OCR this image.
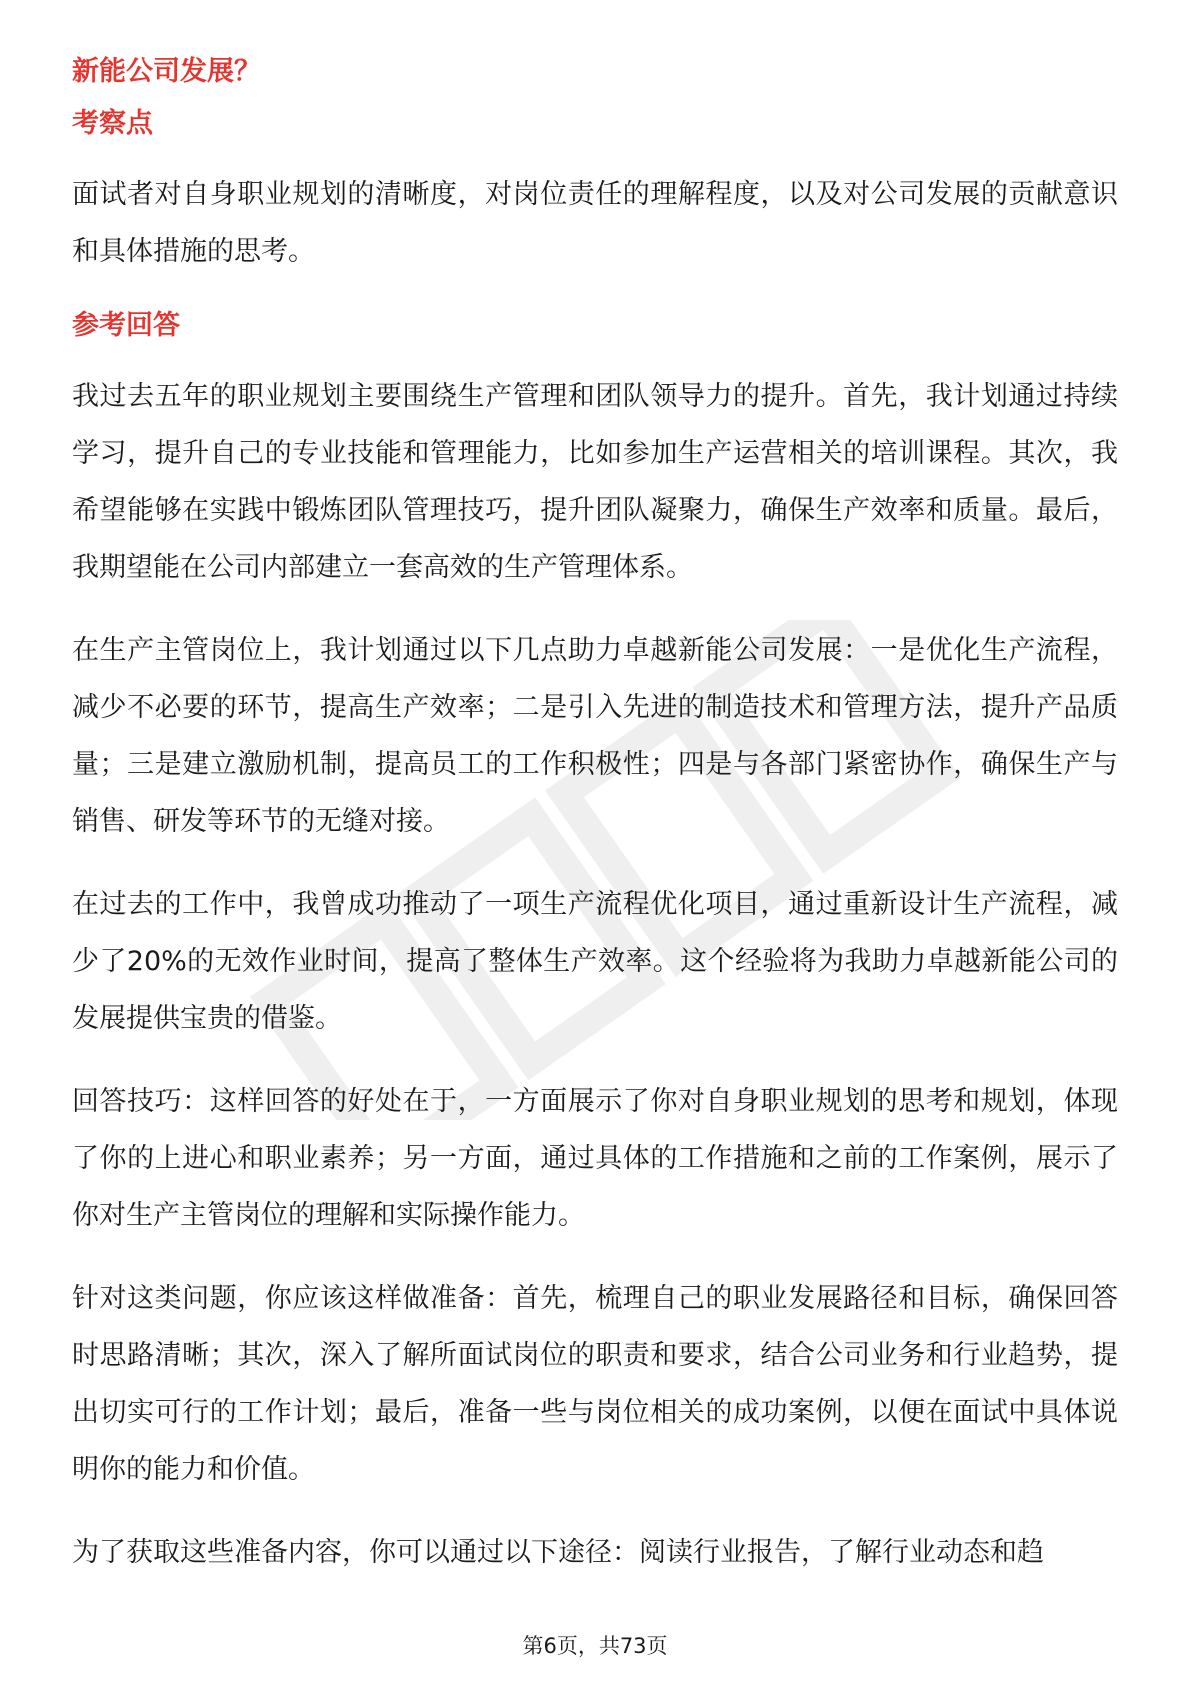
新能公司发展？
考察点

面试者对自身职业规划的清晰度，对岗位责任的理解程度，以及对公司发展的贡献意识和具体措施的思考。

参考回答

我过去五年的职业规划主要围绕生产管理和团队领导力的提升。首先，我计划通过持续学习，提升自己的专业技能和管理能力，比如参加生产运营相关的培训课程。其次，我希望能够在实践中锻炼团队管理技巧，提升团队凝聚力，确保生产效率和质量。最后，我期望能在公司内部建立一套高效的生产管理体系。

在生产主管岗位上，我计划通过以下几点助力卓越新能公司发展：一是优化生产流程，减少不必要的环节，提高生产效率；二是引入先进的制造技术和管理方法，提升产品质量；三是建立激励机制，提高员工的工作积极性；四是与各部门紧密协作，确保生产与销售、研发等环节的无缝对接。

在过去的工作中，我曾成功推动了一项生产流程优化项目，通过重新设计生产流程，减少了20%的无效作业时间，提高了整体生产效率。这个经验将为我助力卓越新能公司的发展提供宝贵的借鉴。

回答技巧：这样回答的好处在于，一方面展示了你对自身职业规划的思考和规划，体现了你的上进心和职业素养；另一方面，通过具体的工作措施和之前的工作案例，展示了你对生产主管岗位的理解和实际操作能力。

针对这类问题，你应该这样做准备：首先，梳理自己的职业发展路径和目标，确保回答时思路清晰；其次，深入了解所面试岗位的职责和要求，结合公司业务和行业趋势，提出切实可行的工作计划；最后，准备一些与岗位相关的成功案例，以便在面试中具体说明你的能力和价值。

为了获取这些准备内容，你可以通过以下途径：阅读行业报告，了解行业动态和趋

第6页，共73页
